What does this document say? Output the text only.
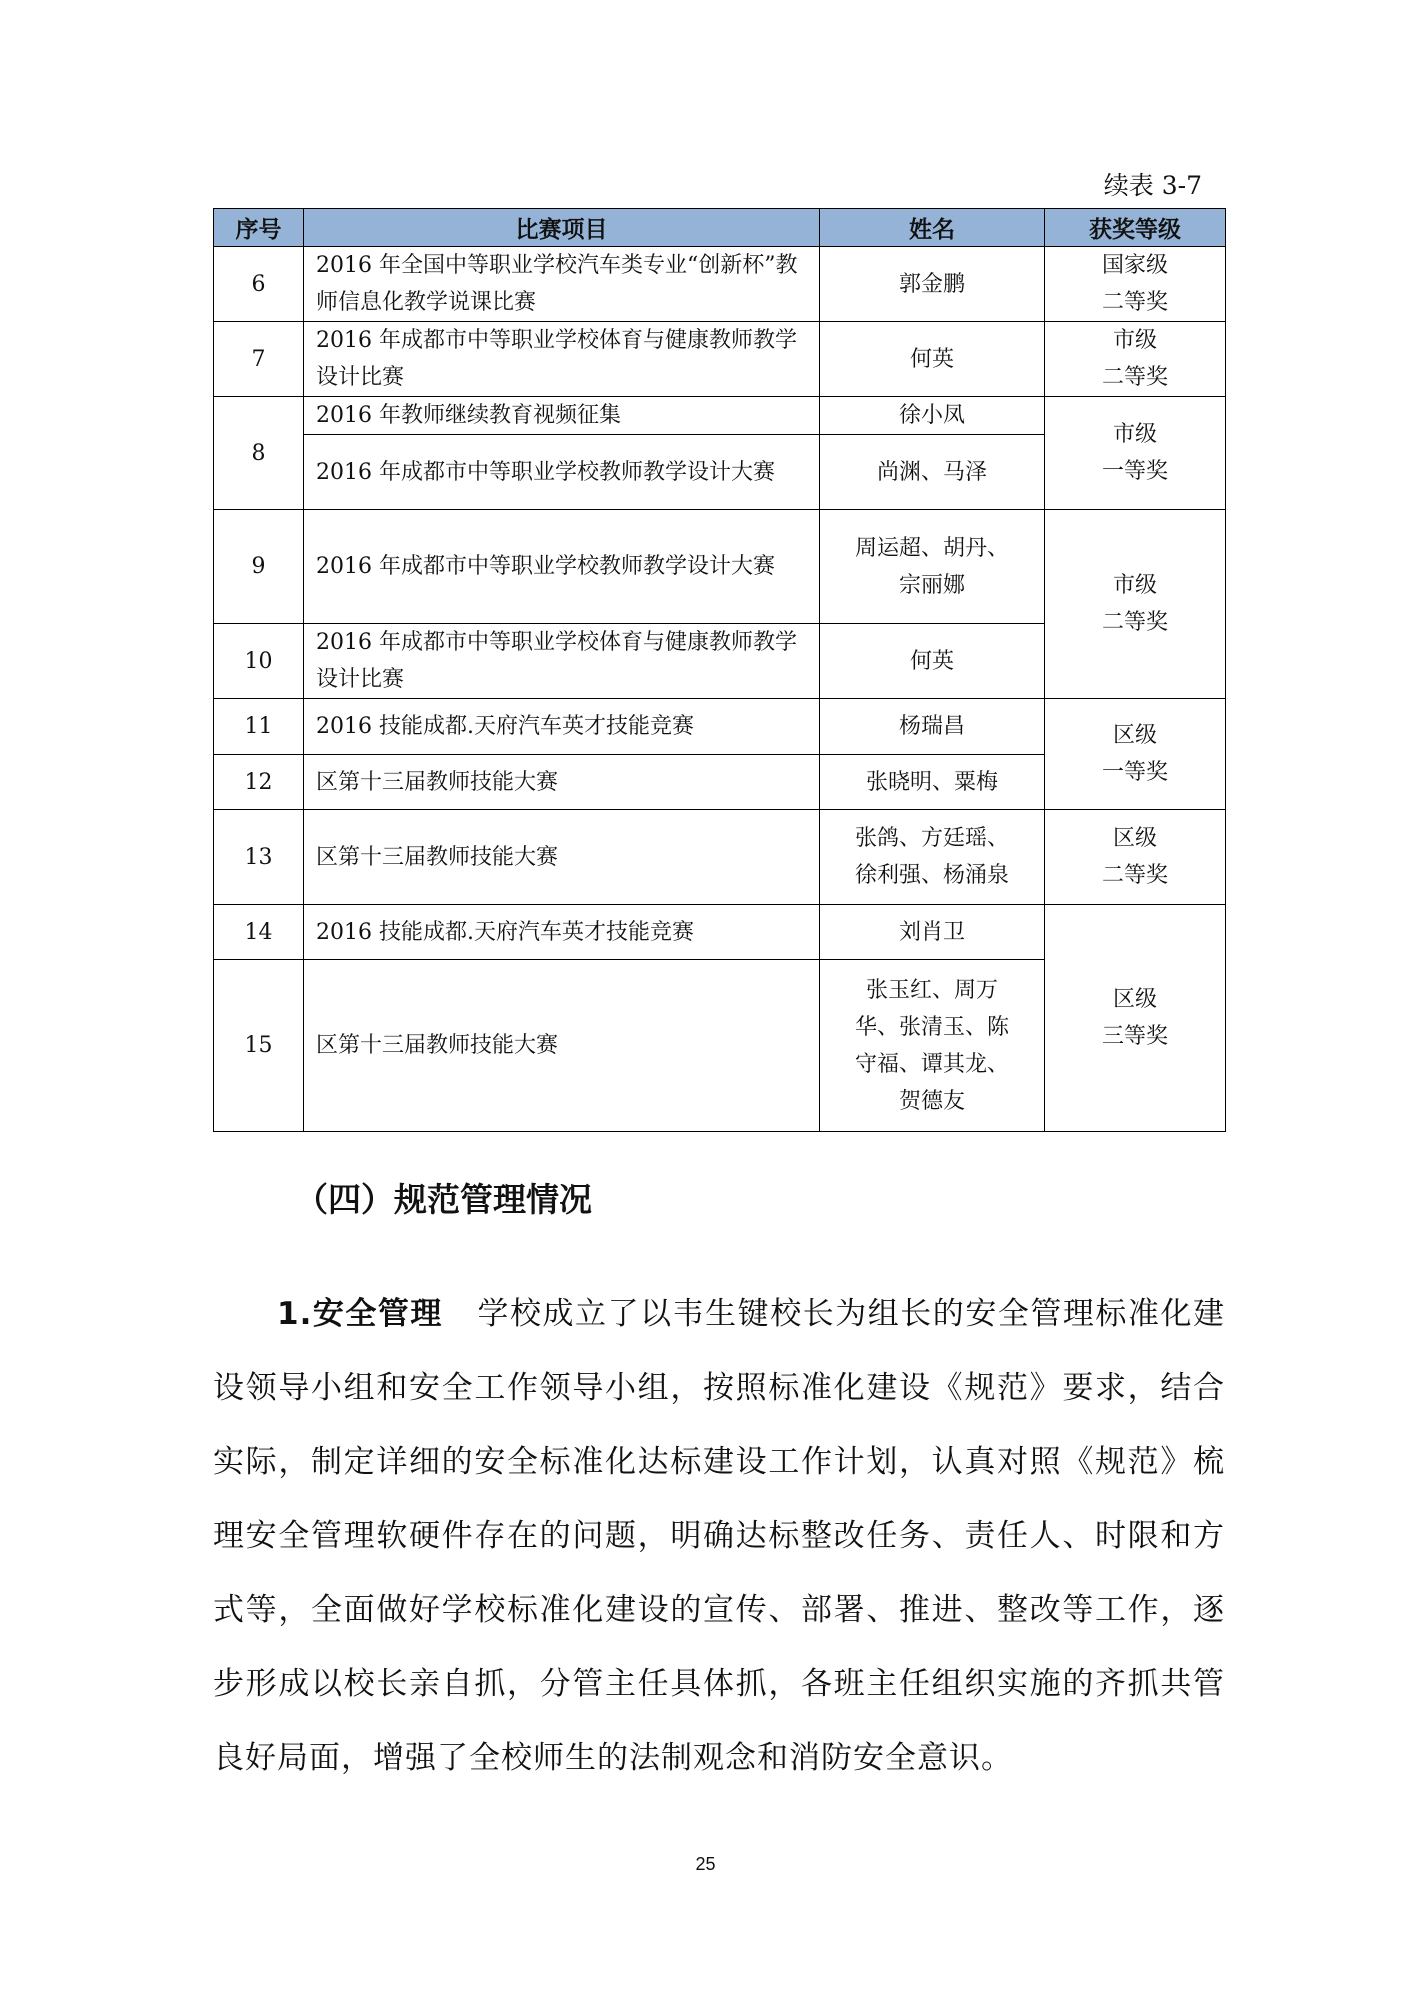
续表 3-7
序号	比赛项目	姓名	获奖等级
6	2016 年全国中等职业学校汽车类专业“创新杯”教师信息化教学说课比赛	郭金鹏	国家级
二等奖
7	2016 年成都市中等职业学校体育与健康教师教学设计比赛	何英	市级
二等奖
8	2016 年教师继续教育视频征集	徐小凤	市级
一等奖
	2016 年成都市中等职业学校教师教学设计大赛	尚渊、马泽	
9	2016 年成都市中等职业学校教师教学设计大赛	周运超、胡丹、
宗丽娜	市级
二等奖
10	2016 年成都市中等职业学校体育与健康教师教学设计比赛	何英	
11	2016 技能成都.天府汽车英才技能竞赛	杨瑞昌	区级
一等奖
12	区第十三届教师技能大赛	张晓明、粟梅	
13	区第十三届教师技能大赛	张鸽、方廷瑶、
徐利强、杨涌泉	区级
二等奖
14	2016 技能成都.天府汽车英才技能竞赛	刘肖卫	区级
三等奖
15	区第十三届教师技能大赛	张玉红、周万
华、张清玉、陈
守福、谭其龙、
贺德友	
（四）规范管理情况
1.安全管理 学校成立了以韦生键校长为组长的安全管理标准化建设领导小组和安全工作领导小组，按照标准化建设《规范》要求，结合实际，制定详细的安全标准化达标建设工作计划，认真对照《规范》梳理安全管理软硬件存在的问题，明确达标整改任务、责任人、时限和方式等，全面做好学校标准化建设的宣传、部署、推进、整改等工作，逐步形成以校长亲自抓，分管主任具体抓，各班主任组织实施的齐抓共管良好局面，增强了全校师生的法制观念和消防安全意识。
25
